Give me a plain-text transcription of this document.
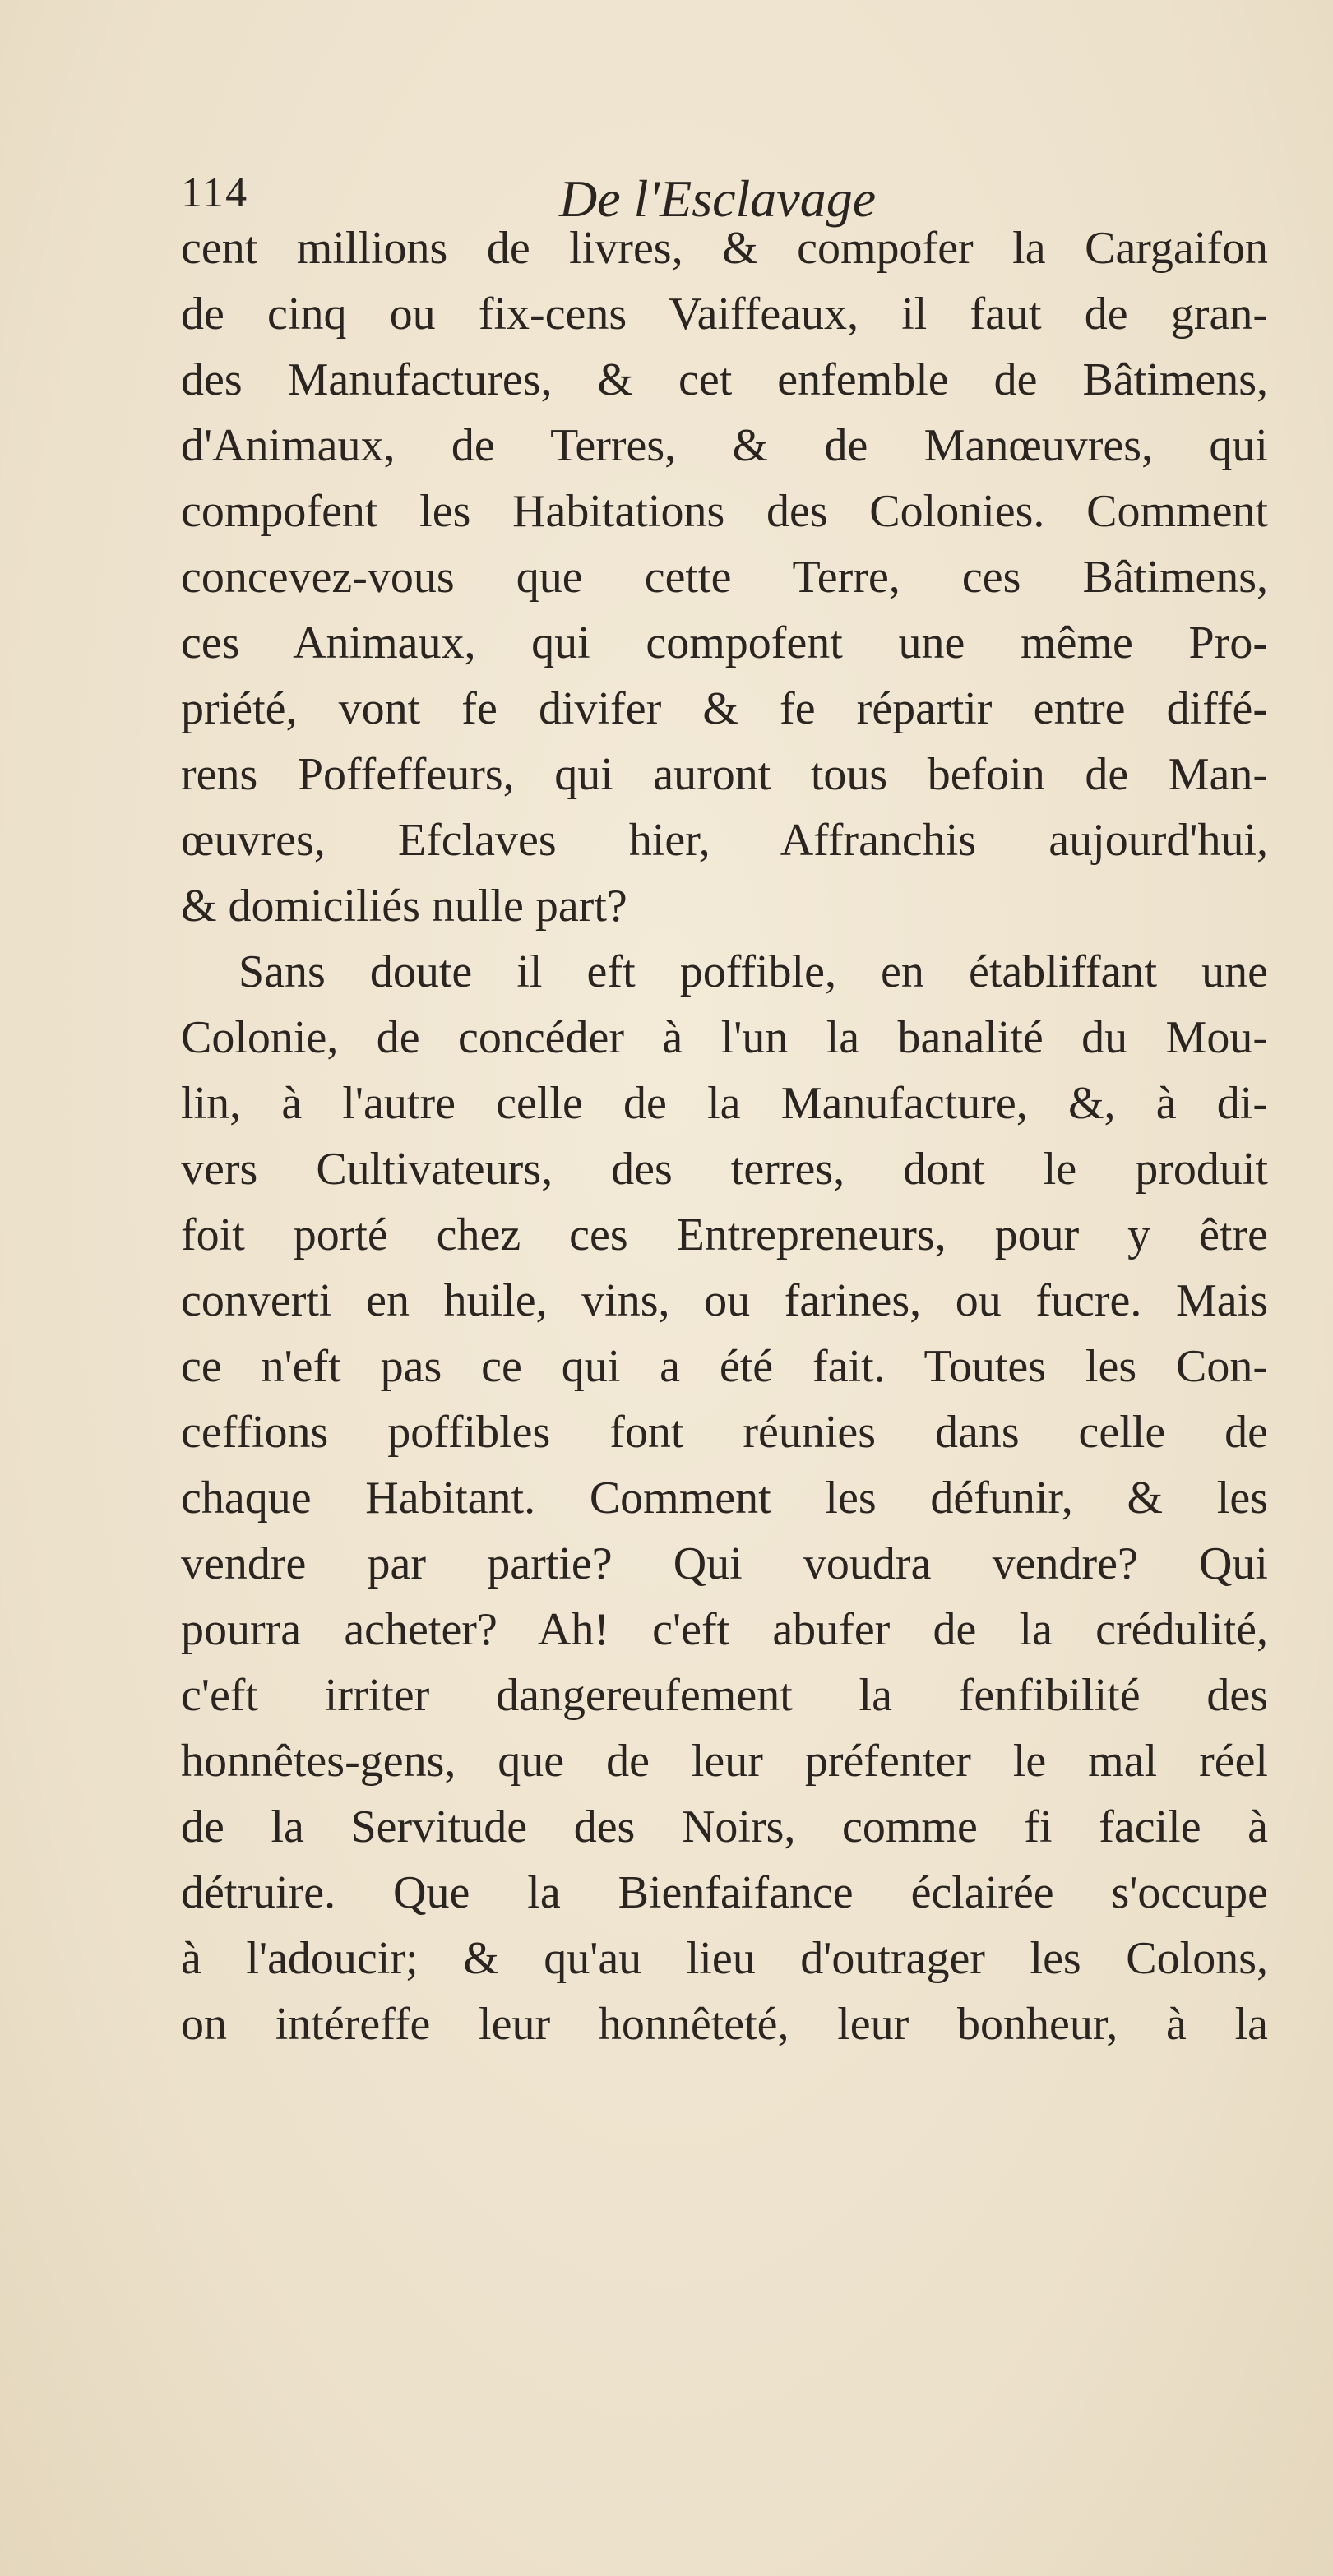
114	De l'Esclavage
cent millions de livres, & compofer la Cargaifon
de cinq ou fix-cens Vaiffeaux, il faut de gran-
des Manufactures, & cet enfemble de Bâtimens,
d'Animaux, de Terres, & de Manœuvres, qui
compofent les Habitations des Colonies. Comment
concevez-vous que cette Terre, ces Bâtimens,
ces Animaux, qui compofent une même Pro-
priété, vont fe divifer & fe répartir entre diffé-
rens Poffeffeurs, qui auront tous befoin de Man-
œuvres, Efclaves hier, Affranchis aujourd'hui,
& domiciliés nulle part?
Sans doute il eft poffible, en établiffant une
Colonie, de concéder à l'un la banalité du Mou-
lin, à l'autre celle de la Manufacture, &, à di-
vers Cultivateurs, des terres, dont le produit
foit porté chez ces Entrepreneurs, pour y être
converti en huile, vins, ou farines, ou fucre. Mais
ce n'eft pas ce qui a été fait. Toutes les Con-
ceffions poffibles font réunies dans celle de
chaque Habitant. Comment les défunir, & les
vendre par partie? Qui voudra vendre? Qui
pourra acheter? Ah! c'eft abufer de la crédulité,
c'eft irriter dangereufement la fenfibilité des
honnêtes-gens, que de leur préfenter le mal réel
de la Servitude des Noirs, comme fi facile à
détruire. Que la Bienfaifance éclairée s'occupe
à l'adoucir; & qu'au lieu d'outrager les Colons,
on intéreffe leur honnêteté, leur bonheur, à la
